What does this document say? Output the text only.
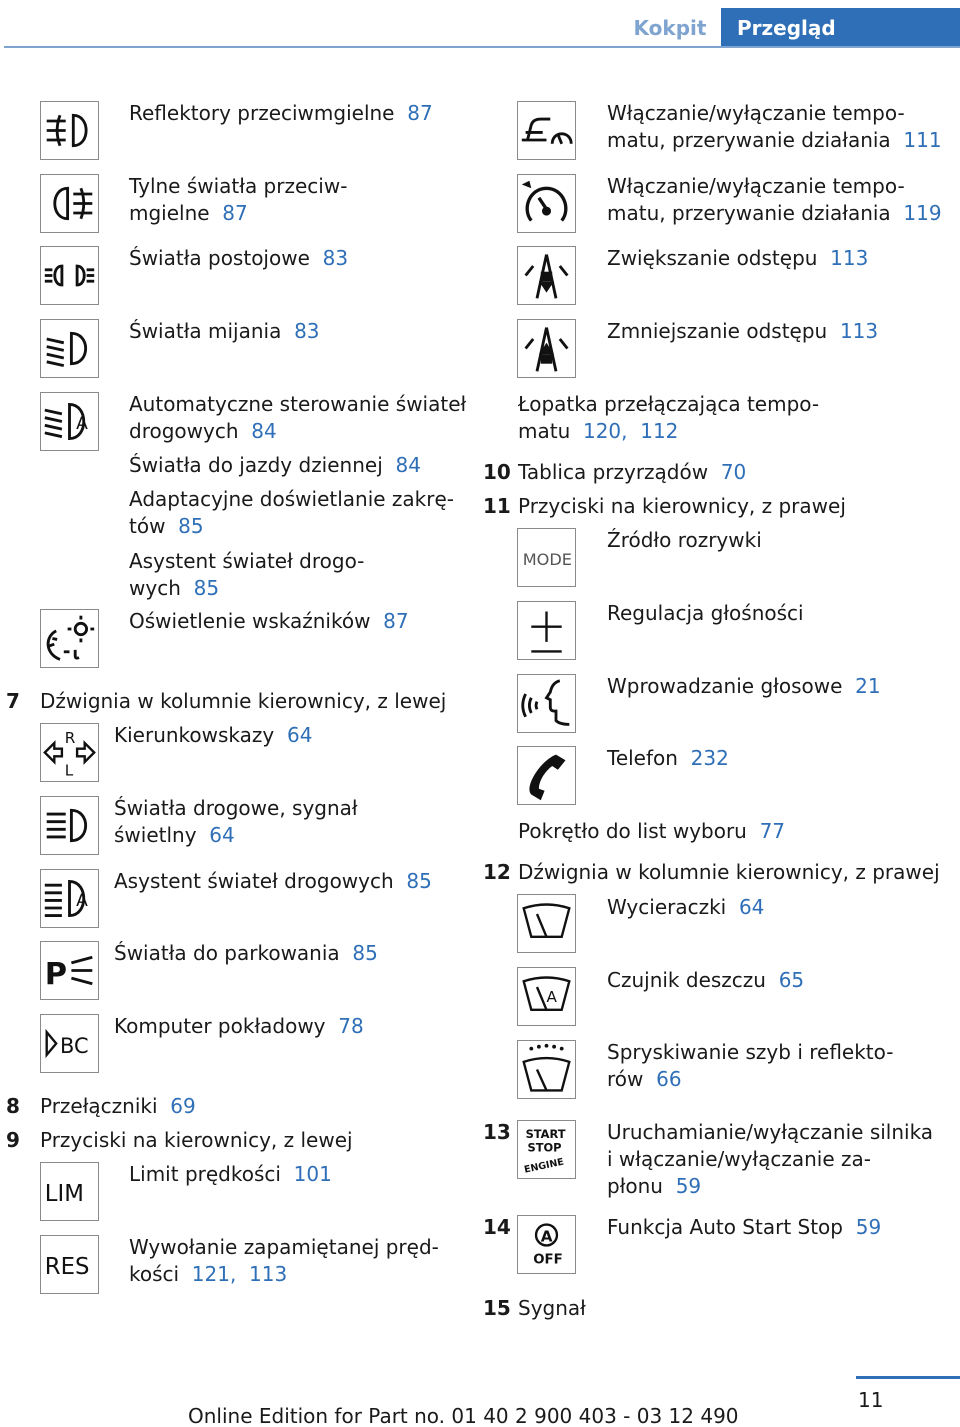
Kokpit	Przegląd
Reflektory przeciwmgielne 87
Tylne światła przeciw-
mgielne 87
Światła postojowe 83
Światła mijania 83
A
Automatyczne sterowanie świateł
drogowych 84
Światła do jazdy dziennej 84
Adaptacyjne doświetlanie zakrę-
tów 85
Asystent świateł drogo-
wych 85
Oświetlenie wskaźników 87
7 Dźwignia w kolumnie kierownicy, z lewej
R
L
Kierunkowskazy 64
Światła drogowe, sygnał
świetlny 64
A
Asystent świateł drogowych 85
P
Światła do parkowania 85
BC
Komputer pokładowy 78
8 Przełączniki 69
9 Przyciski na kierownicy, z lewej
LIM
Limit prędkości 101
RES
Wywołanie zapamiętanej pręd-
kości 121, 113
Włączanie/wyłączanie tempo-
matu, przerywanie działania 111
Włączanie/wyłączanie tempo-
matu, przerywanie działania 119
Zwiększanie odstępu 113
Zmniejszanie odstępu 113
Łopatka przełączająca tempo-
matu 120, 112
10 Tablica przyrządów 70
11 Przyciski na kierownicy, z prawej
MODE
Źródło rozrywki
Regulacja głośności
Wprowadzanie głosowe 21
Telefon 232
Pokrętło do list wyboru 77
12 Dźwignia w kolumnie kierownicy, z prawej
Wycieraczki 64
A
Czujnik deszczu 65
Spryskiwanie szyb i reflekto-
rów 66
13 START
STOP
ENGINE
Uruchamianie/wyłączanie silnika
i włączanie/wyłączanie za-
płonu 59
14 A
OFF
Funkcja Auto Start Stop 59
15 Sygnał
11
Online Edition for Part no. 01 40 2 900 403 - 03 12 490
